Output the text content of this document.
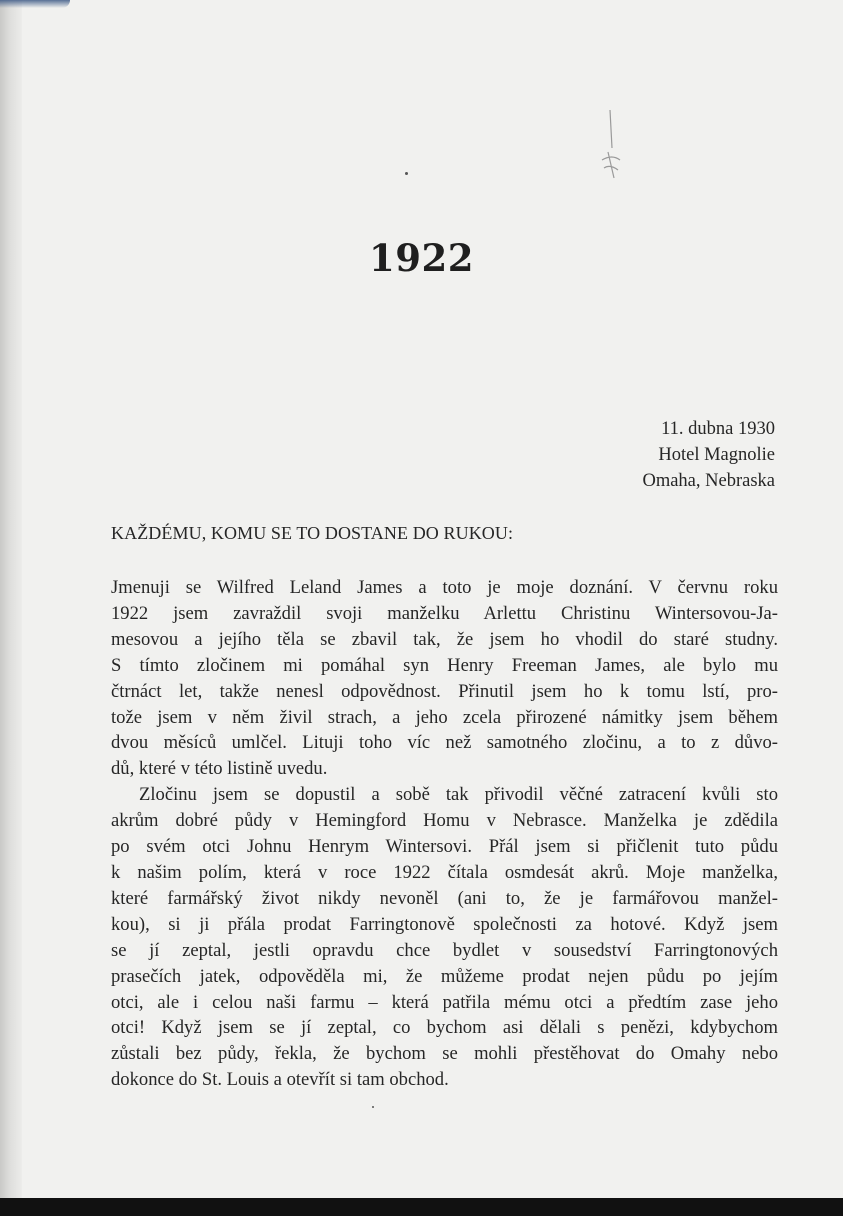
1922
11. dubna 1930
Hotel Magnolie
Omaha, Nebraska
KAŽDÉMU, KOMU SE TO DOSTANE DO RUKOU:
Jmenuji se Wilfred Leland James a toto je moje doznání. V červnu roku
1922 jsem zavraždil svoji manželku Arlettu Christinu Wintersovou-Ja-
mesovou a jejího těla se zbavil tak, že jsem ho vhodil do staré studny.
S tímto zločinem mi pomáhal syn Henry Freeman James, ale bylo mu
čtrnáct let, takže nenesl odpovědnost. Přinutil jsem ho k tomu lstí, pro-
tože jsem v něm živil strach, a jeho zcela přirozené námitky jsem během
dvou měsíců umlčel. Lituji toho víc než samotného zločinu, a to z důvo-
dů, které v této listině uvedu.
Zločinu jsem se dopustil a sobě tak přivodil věčné zatracení kvůli sto
akrům dobré půdy v Hemingford Homu v Nebrasce. Manželka je zdědila
po svém otci Johnu Henrym Wintersovi. Přál jsem si přičlenit tuto půdu
k našim polím, která v roce 1922 čítala osmdesát akrů. Moje manželka,
které farmářský život nikdy nevoněl (ani to, že je farmářovou manžel-
kou), si ji přála prodat Farringtonově společnosti za hotové. Když jsem
se jí zeptal, jestli opravdu chce bydlet v sousedství Farringtonových
prasečích jatek, odpověděla mi, že můžeme prodat nejen půdu po jejím
otci, ale i celou naši farmu – která patřila mému otci a předtím zase jeho
otci! Když jsem se jí zeptal, co bychom asi dělali s penězi, kdybychom
zůstali bez půdy, řekla, že bychom se mohli přestěhovat do Omahy nebo
dokonce do St. Louis a otevřít si tam obchod.
